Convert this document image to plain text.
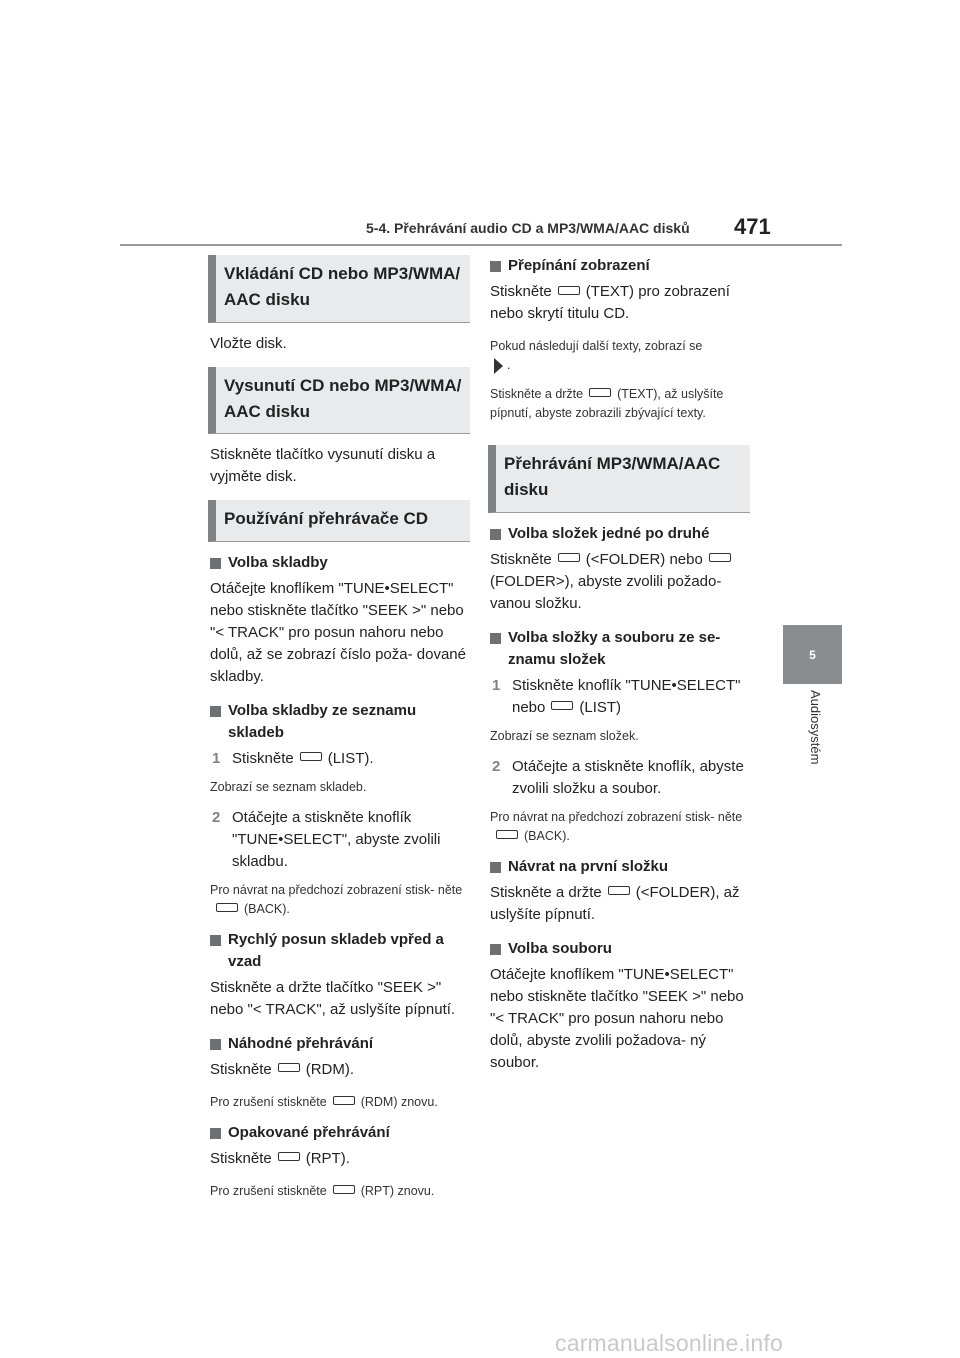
5-4. Přehrávání audio CD a MP3/WMA/AAC disků 471
5
Audiosystém
Vkládání CD nebo MP3/WMA/ AAC disku

Vložte disk.

Vysunutí CD nebo MP3/WMA/ AAC disku

Stiskněte tlačítko vysunutí disku a vyjměte disk.

Používání přehrávače CD
Volba skladby

Otáčejte knoflíkem "TUNE•SELECT" nebo stiskněte tlačítko "SEEK >" nebo "< TRACK" pro posun nahoru nebo dolů, až se zobrazí číslo poža- dované skladby.

Volba skladby ze seznamu skladeb
1 Stiskněte (LIST).

Zobrazí se seznam skladeb.

2 Otáčejte a stiskněte knoflík "TUNE•SELECT", abyste zvolili skladbu.

Pro návrat na předchozí zobrazení stisk- něte(BACK).

Rychlý posun skladeb vpřed a vzad

Stiskněte a držte tlačítko "SEEK >" nebo "< TRACK", až uslyšíte pípnutí.

Náhodné přehrávání

Stiskněte (RDM).

Pro zrušení stiskněte	(RDM) znovu.

Opakované přehrávání

Stiskněte (RPT).

Pro zrušení stiskněte	(RPT) znovu.

Přepínání zobrazení

Stiskněte (TEXT) pro zobrazení nebo skrytí titulu CD.

Pokud následují další texty, zobrazí se
.

Stiskněte a držte	(TEXT), až uslyšíte pípnutí, abyste zobrazili zbývající texty.

Přehrávání MP3/WMA/AAC disku
Volba složek jedné po druhé

Stiskněte (<FOLDER) nebo(FOLDER>), abyste zvolili požado- vanou složku.

Volba složky a souboru ze se- znamu složek
1 Stiskněte knoflík "TUNE•SELECT" nebo (LIST)

Zobrazí se seznam složek.

2 Otáčejte a stiskněte knoflík, abyste zvolili složku a soubor.

Pro návrat na předchozí zobrazení stisk- něte(BACK).

Návrat na první složku

Stiskněte a držte (<FOLDER), až uslyšíte pípnutí.

Volba souboru

Otáčejte knoflíkem "TUNE•SELECT" nebo stiskněte tlačítko "SEEK >" nebo "< TRACK" pro posun nahoru nebo dolů, abyste zvolili požadova- ný soubor.

carmanualsonline.info
